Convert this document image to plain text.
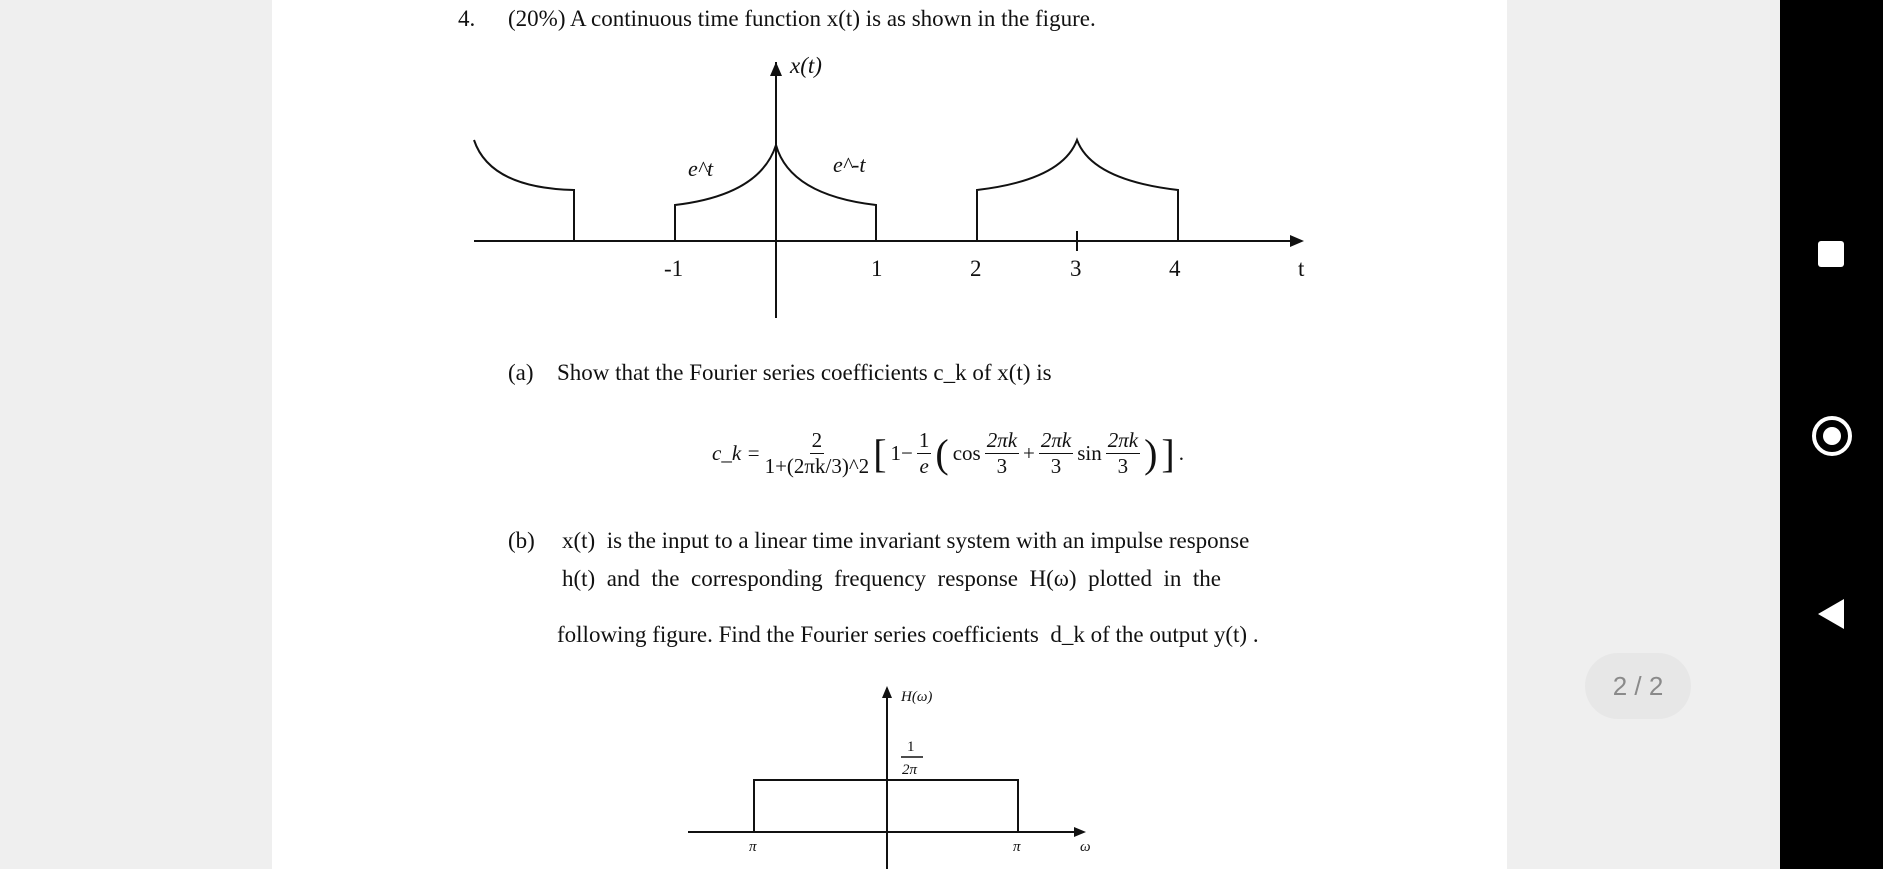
4. (20%) A continuous time function x(t) is as shown in the figure.
x(t)
e^t	e^-t
-1	1	2	3	4	t
H(ω)
1
2π
π	π	ω
(a) Show that the Fourier series coefficients c_k of x(t) is
c_k = $\frac{2}{1+(2\pi k/3)\^{}2}$ [ $1- \frac{1}{e}$ ( $\cos \frac{2\pi k}{3} + \frac{2\pi k}{3}$ $\sin \frac{2\pi k}{3}$ ) ] .
(b) x(t)  is the input to a linear time invariant system with an impulse response
h(t)  and  the  corresponding  frequency  response  H(ω)  plotted  in  the
following figure. Find the Fourier series coefficients  d_k of the output y(t) .
2 / 2
